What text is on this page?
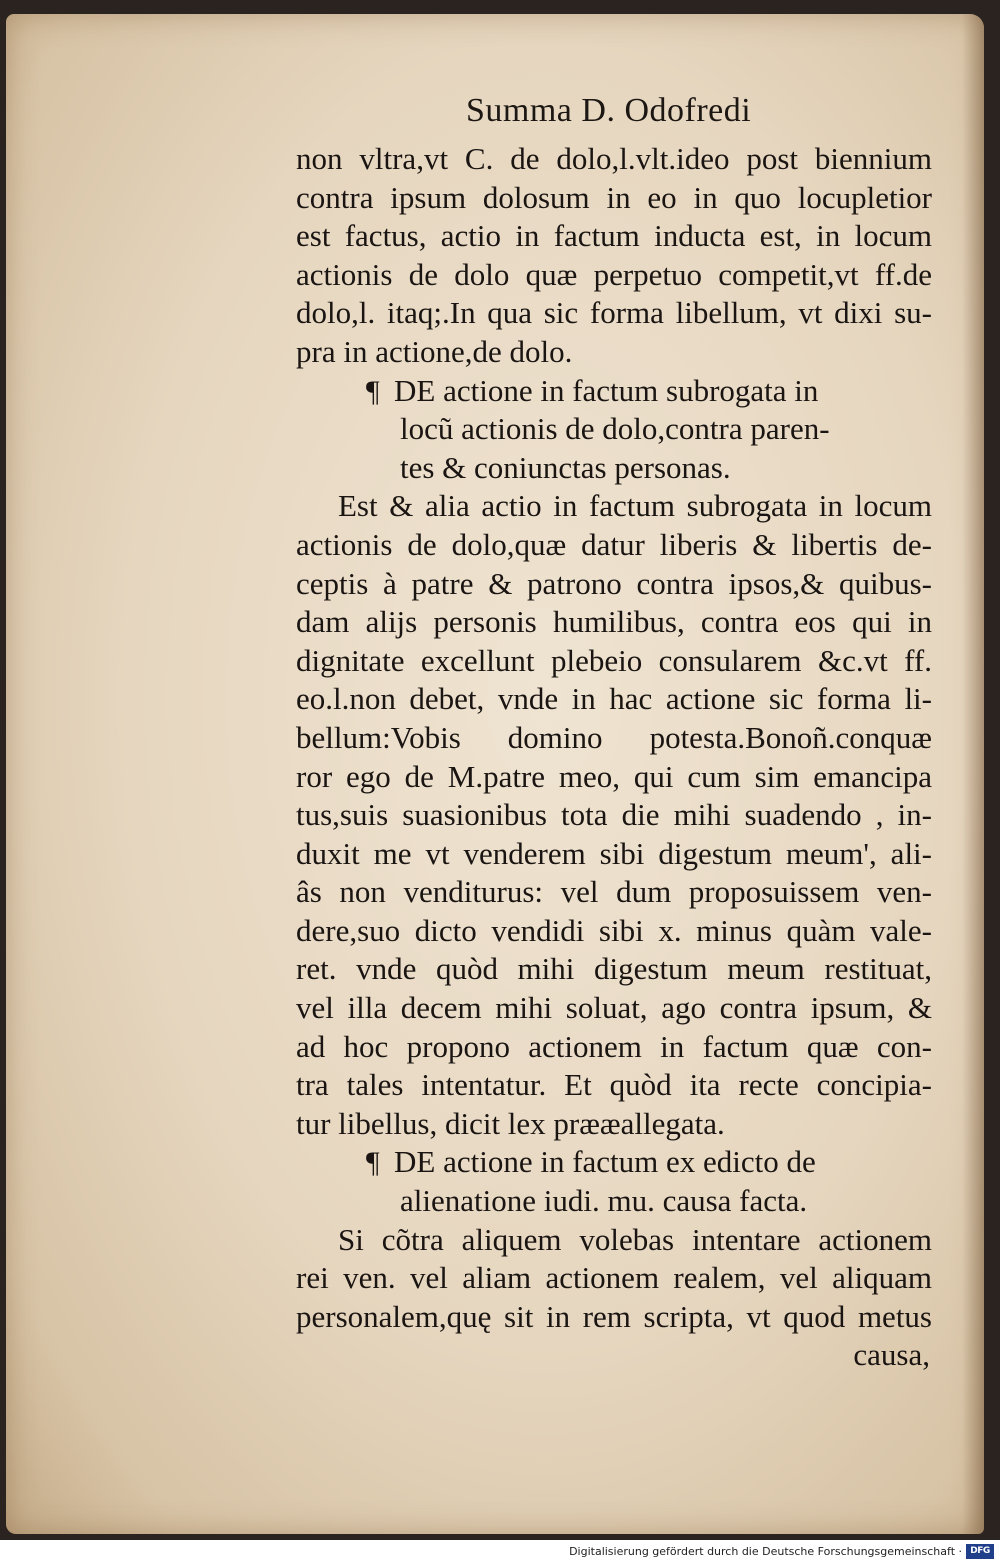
Summa D. Odofredi
non vltra,vt C. de dolo,l.vlt.ideo post biennium
contra ipsum dolosum in eo in quo locupletior
est factus, actio in factum inducta est, in locum
actionis de dolo quæ perpetuo competit,vt ff.de
dolo,l. itaq;.In qua sic forma libellum, vt dixi su-
pra in actione,de dolo.
¶ DE actione in factum subrogata in
locũ actionis de dolo,contra paren-
tes & coniunctas personas.
Est & alia actio in factum subrogata in locum
actionis de dolo,quæ datur liberis & libertis de-
ceptis à patre & patrono contra ipsos,& quibus-
dam alijs personis humilibus, contra eos qui in
dignitate excellunt plebeio consularem &c.vt ff.
eo.l.non debet, vnde in hac actione sic forma li-
bellum:Vobis domino potesta.Bonoñ.conquæ
ror ego de M.patre meo, qui cum sim emancipa
tus,suis suasionibus tota die mihi suadendo , in-
duxit me vt venderem sibi digestum meum', ali-
âs non venditurus: vel dum proposuissem ven-
dere,suo dicto vendidi sibi x. minus quàm vale-
ret. vnde quòd mihi digestum meum restituat,
vel illa decem mihi soluat, ago contra ipsum, &
ad hoc propono actionem in factum quæ con-
tra tales intentatur. Et quòd ita recte concipia-
tur libellus, dicit lex prææallegata.
¶ DE actione in factum ex edicto de
alienatione iudi. mu. causa facta.
Si cõtra aliquem volebas intentare actionem
rei ven. vel aliam actionem realem, vel aliquam
personalem,quę sit in rem scripta, vt quod metus
causa,
Digitalisierung gefördert durch die Deutsche Forschungsgemeinschaft · DFG
